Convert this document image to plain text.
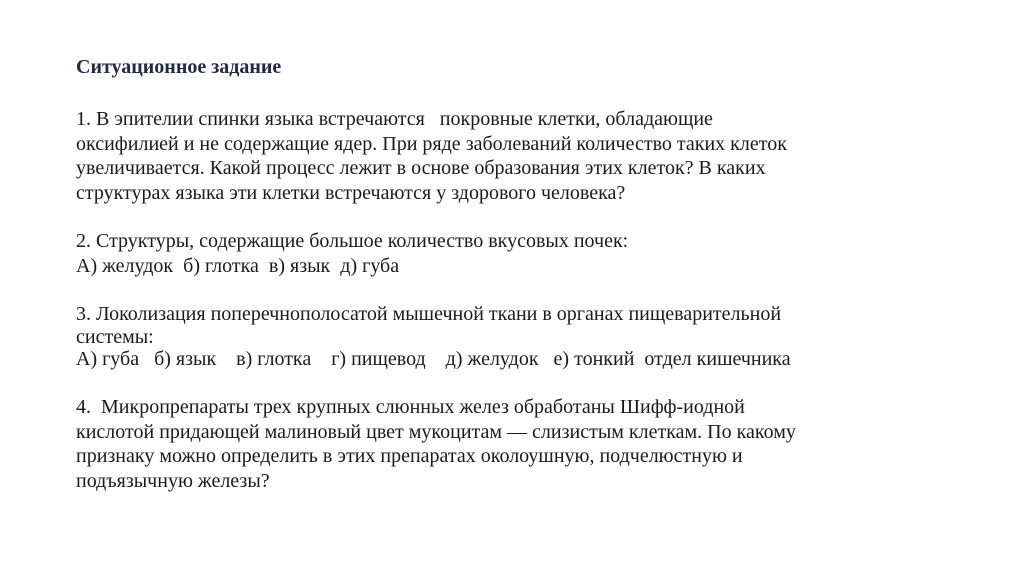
Ситуационное задание
1. В эпителии спинки языка встречаются   покровные клетки, обладающие
оксифилией и не содержащие ядер. При ряде заболеваний количество таких клеток
увеличивается. Какой процесс лежит в основе образования этих клеток? В каких
структурах языка эти клетки встречаются у здорового человека?
2. Структуры, содержащие большое количество вкусовых почек:
А) желудок  б) глотка  в) язык  д) губа
3. Локолизация поперечнополосатой мышечной ткани в органах пищеварительной
системы:
А) губа   б) язык    в) глотка    г) пищевод    д) желудок   е) тонкий  отдел кишечника
4.  Микропрепараты трех крупных слюнных желез обработаны Шифф-иодной
кислотой придающей малиновый цвет мукоцитам — слизистым клеткам. По какому
признаку можно определить в этих препаратах околоушную, подчелюстную и
подъязычную железы?
